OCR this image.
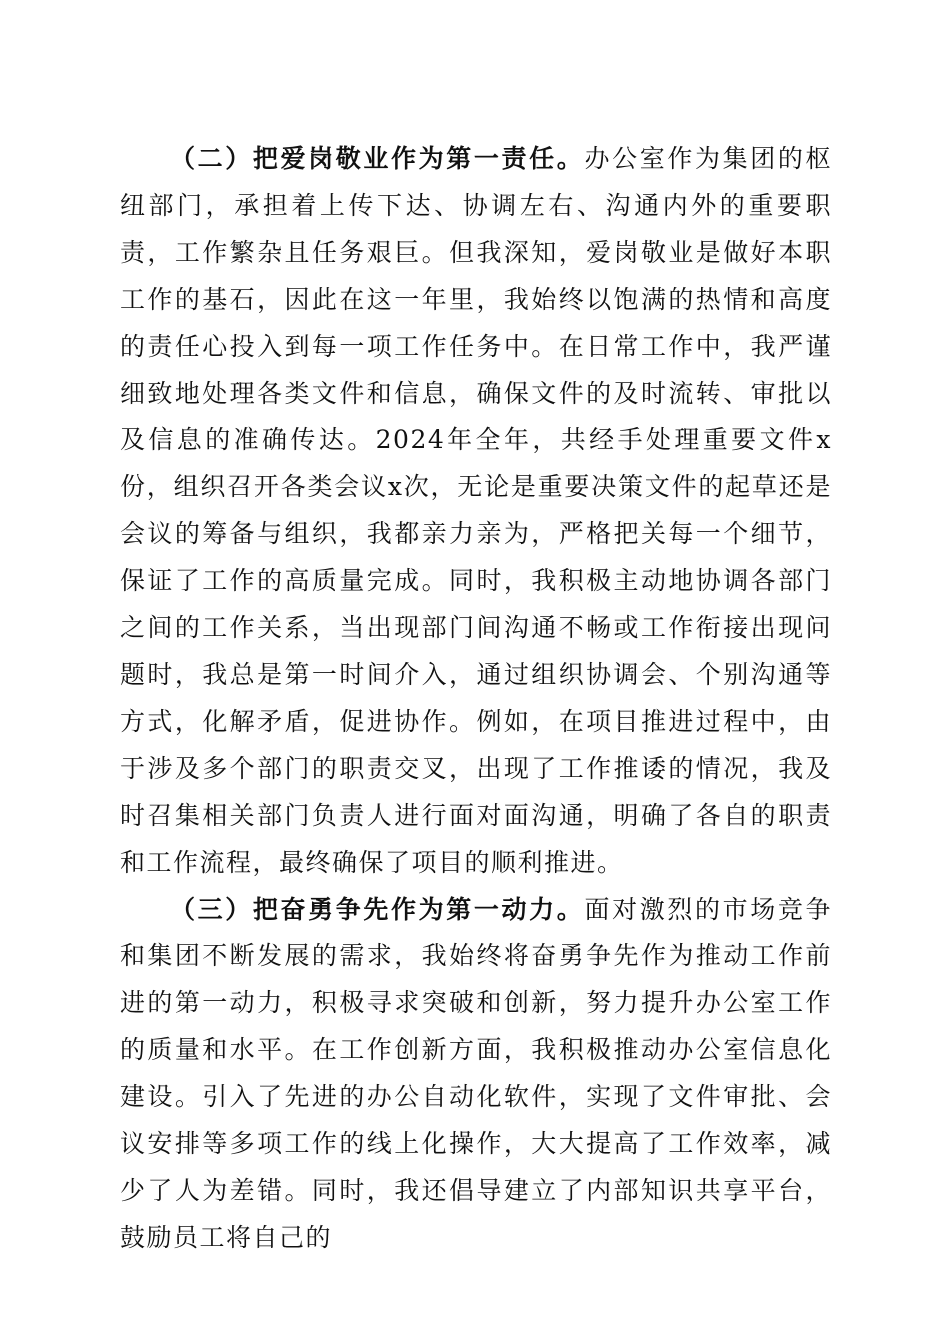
（二）把爱岗敬业作为第一责任。办公室作为集团的枢纽部门，承担着上传下达、协调左右、沟通内外的重要职责，工作繁杂且任务艰巨。但我深知，爱岗敬业是做好本职工作的基石，因此在这一年里，我始终以饱满的热情和高度的责任心投入到每一项工作任务中。在日常工作中，我严谨细致地处理各类文件和信息，确保文件的及时流转、审批以及信息的准确传达。2024年全年，共经手处理重要文件x份，组织召开各类会议x次，无论是重要决策文件的起草还是会议的筹备与组织，我都亲力亲为，严格把关每一个细节，保证了工作的高质量完成。同时，我积极主动地协调各部门之间的工作关系，当出现部门间沟通不畅或工作衔接出现问题时，我总是第一时间介入，通过组织协调会、个别沟通等方式，化解矛盾，促进协作。例如，在项目推进过程中，由于涉及多个部门的职责交叉，出现了工作推诿的情况，我及时召集相关部门负责人进行面对面沟通，明确了各自的职责和工作流程，最终确保了项目的顺利推进。

（三）把奋勇争先作为第一动力。面对激烈的市场竞争和集团不断发展的需求，我始终将奋勇争先作为推动工作前进的第一动力，积极寻求突破和创新，努力提升办公室工作的质量和水平。在工作创新方面，我积极推动办公室信息化建设。引入了先进的办公自动化软件，实现了文件审批、会议安排等多项工作的线上化操作，大大提高了工作效率，减少了人为差错。同时，我还倡导建立了内部知识共享平台，鼓励员工将自己的
